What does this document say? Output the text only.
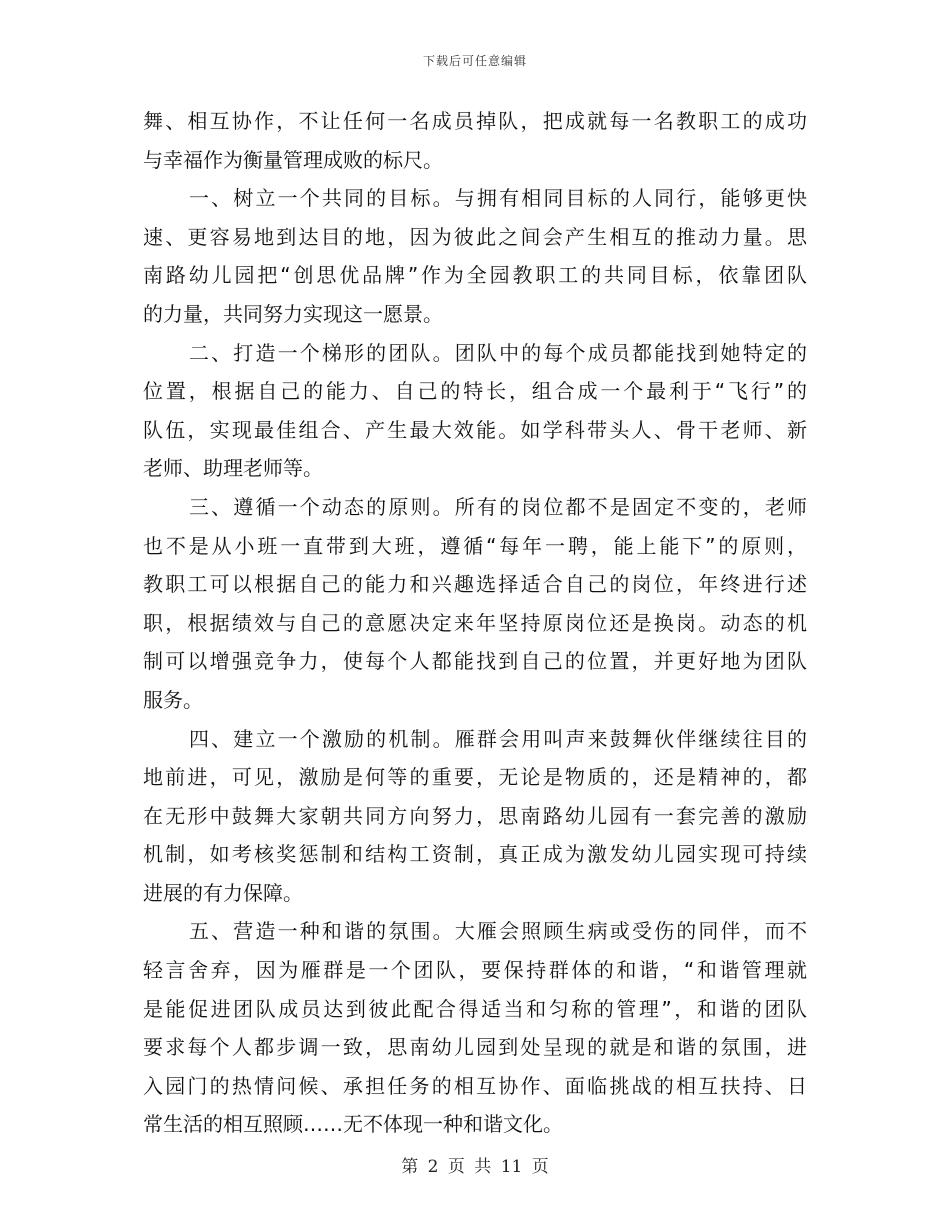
下载后可任意编辑
舞、相互协作，不让任何一名成员掉队，把成就每一名教职工的成功
与幸福作为衡量管理成败的标尺。
一、树立一个共同的目标。与拥有相同目标的人同行，能够更快
速、更容易地到达目的地，因为彼此之间会产生相互的推动力量。思
南路幼儿园把“创思优品牌”作为全园教职工的共同目标，依靠团队
的力量，共同努力实现这一愿景。
二、打造一个梯形的团队。团队中的每个成员都能找到她特定的
位置，根据自己的能力、自己的特长，组合成一个最利于“飞行”的
队伍，实现最佳组合、产生最大效能。如学科带头人、骨干老师、新
老师、助理老师等。
三、遵循一个动态的原则。所有的岗位都不是固定不变的，老师
也不是从小班一直带到大班，遵循“每年一聘，能上能下”的原则，
教职工可以根据自己的能力和兴趣选择适合自己的岗位，年终进行述
职，根据绩效与自己的意愿决定来年坚持原岗位还是换岗。动态的机
制可以增强竞争力，使每个人都能找到自己的位置，并更好地为团队
服务。
四、建立一个激励的机制。雁群会用叫声来鼓舞伙伴继续往目的
地前进，可见，激励是何等的重要，无论是物质的，还是精神的，都
在无形中鼓舞大家朝共同方向努力，思南路幼儿园有一套完善的激励
机制，如考核奖惩制和结构工资制，真正成为激发幼儿园实现可持续
进展的有力保障。
五、营造一种和谐的氛围。大雁会照顾生病或受伤的同伴，而不
轻言舍弃，因为雁群是一个团队，要保持群体的和谐，“和谐管理就
是能促进团队成员达到彼此配合得适当和匀称的管理”，和谐的团队
要求每个人都步调一致，思南幼儿园到处呈现的就是和谐的氛围，进
入园门的热情问候、承担任务的相互协作、面临挑战的相互扶持、日
常生活的相互照顾……无不体现一种和谐文化。
第 2 页 共 11 页
